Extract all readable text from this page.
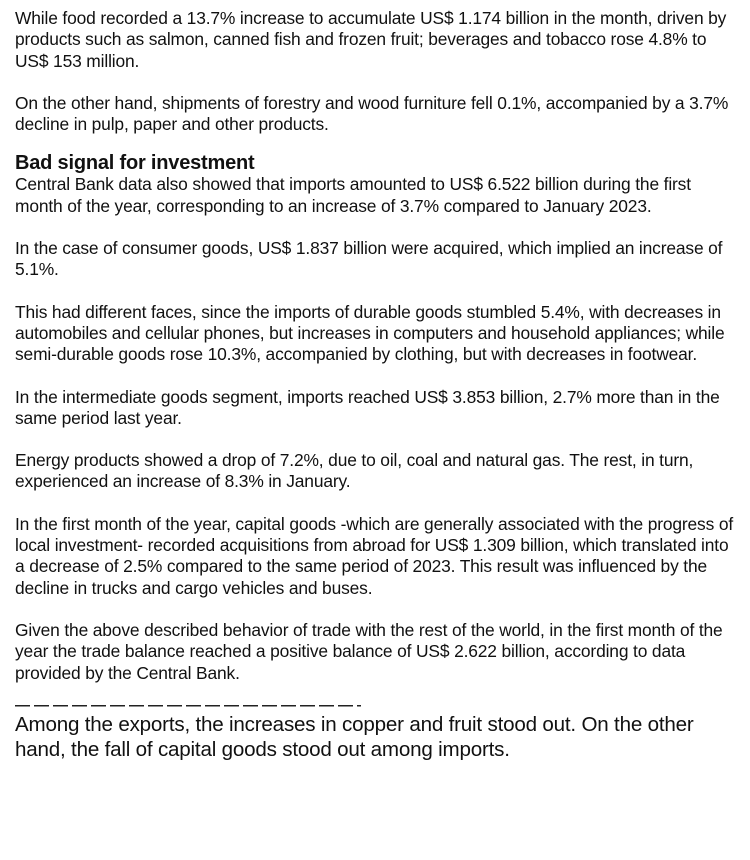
While food recorded a 13.7% increase to accumulate US$ 1.174 billion in the month, driven by products such as salmon, canned fish and frozen fruit; beverages and tobacco rose 4.8% to US$ 153 million.

On the other hand, shipments of forestry and wood furniture fell 0.1%, accompanied by a 3.7% decline in pulp, paper and other products.

Bad signal for investment

Central Bank data also showed that imports amounted to US$ 6.522 billion during the first month of the year, corresponding to an increase of 3.7% compared to January 2023.

In the case of consumer goods, US$ 1.837 billion were acquired, which implied an increase of 5.1%.

This had different faces, since the imports of durable goods stumbled 5.4%, with decreases in automobiles and cellular phones, but increases in computers and household appliances; while semi-durable goods rose 10.3%, accompanied by clothing, but with decreases in footwear.

In the intermediate goods segment, imports reached US$ 3.853 billion, 2.7% more than in the same period last year.

Energy products showed a drop of 7.2%, due to oil, coal and natural gas. The rest, in turn, experienced an increase of 8.3% in January.

In the first month of the year, capital goods -which are generally associated with the progress of local investment- recorded acquisitions from abroad for US$ 1.309 billion, which translated into a decrease of 2.5% compared to the same period of 2023. This result was influenced by the decline in trucks and cargo vehicles and buses.

Given the above described behavior of trade with the rest of the world, in the first month of the year the trade balance reached a positive balance of US$ 2.622 billion, according to data provided by the Central Bank.

Among the exports, the increases in copper and fruit stood out. On the other hand, the fall of capital goods stood out among imports.
